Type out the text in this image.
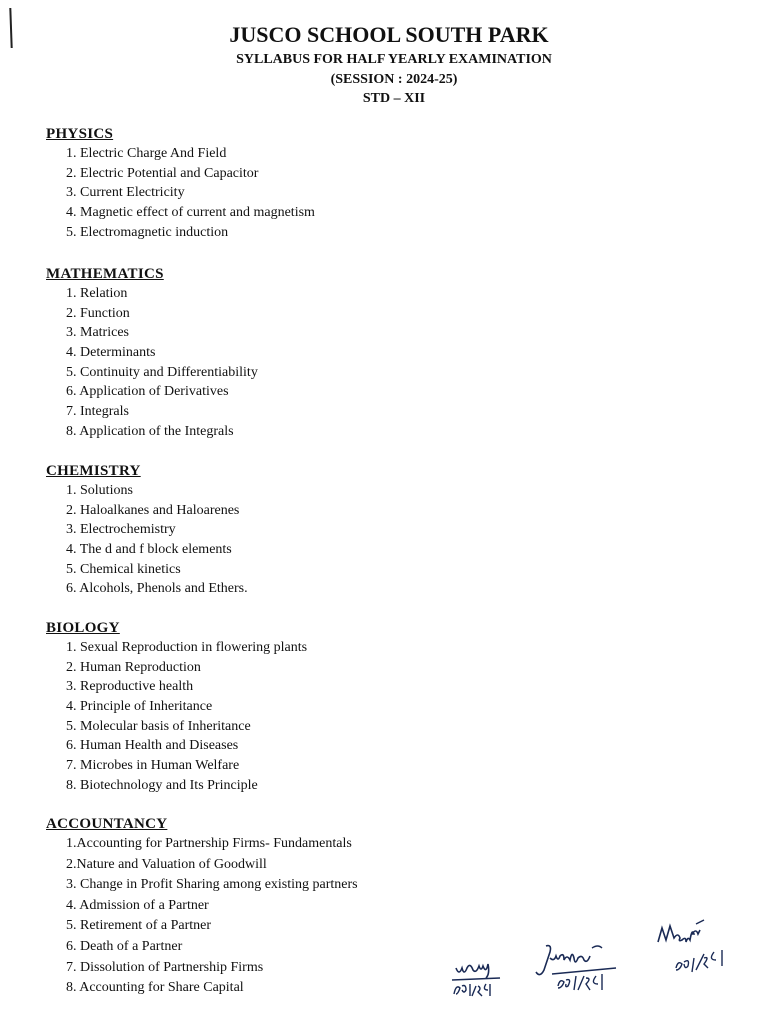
JUSCO SCHOOL SOUTH PARK
SYLLABUS FOR HALF YEARLY EXAMINATION
(SESSION : 2024-25)
STD – XII
PHYSICS
1. Electric Charge And Field
2. Electric Potential and Capacitor
3. Current Electricity
4. Magnetic effect of current and magnetism
5. Electromagnetic induction
MATHEMATICS
1. Relation
2. Function
3. Matrices
4. Determinants
5. Continuity and Differentiability
6. Application of Derivatives
7. Integrals
8. Application of the Integrals
CHEMISTRY
1. Solutions
2. Haloalkanes and Haloarenes
3. Electrochemistry
4. The d and f block elements
5. Chemical kinetics
6. Alcohols, Phenols and Ethers.
BIOLOGY
1. Sexual Reproduction in flowering plants
2. Human Reproduction
3. Reproductive health
4. Principle of Inheritance
5. Molecular basis of Inheritance
6. Human Health and Diseases
7. Microbes in Human Welfare
8. Biotechnology and Its Principle
ACCOUNTANCY
1.Accounting for Partnership Firms- Fundamentals
2.Nature and Valuation of Goodwill
3. Change in Profit Sharing among existing partners
4. Admission of a Partner
5. Retirement of a Partner
6. Death of a Partner
7. Dissolution of Partnership Firms
8. Accounting for Share Capital
